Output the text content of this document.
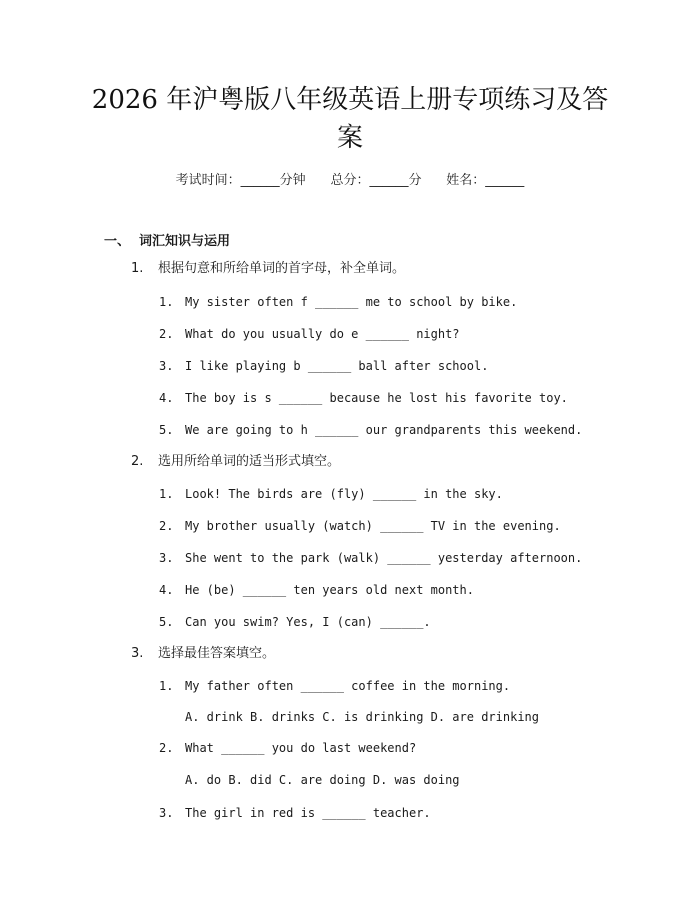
2026 年沪粤版八年级英语上册专项练习及答
案
考试时间：______分钟 总分：______分 姓名：______
一、  词汇知识与运用
1. 根据句意和所给单词的首字母，补全单词。
1. My sister often f ______ me to school by bike.
2. What do you usually do e ______ night?
3. I like playing b ______ ball after school.
4. The boy is s ______ because he lost his favorite toy.
5. We are going to h ______ our grandparents this weekend.
2. 选用所给单词的适当形式填空。
1. Look! The birds are (fly) ______ in the sky.
2. My brother usually (watch) ______ TV in the evening.
3. She went to the park (walk) ______ yesterday afternoon.
4. He (be) ______ ten years old next month.
5. Can you swim? Yes, I (can) ______.
3. 选择最佳答案填空。
1. My father often ______ coffee in the morning.
A. drink B. drinks C. is drinking D. are drinking
2. What ______ you do last weekend?
A. do B. did C. are doing D. was doing
3. The girl in red is ______ teacher.
